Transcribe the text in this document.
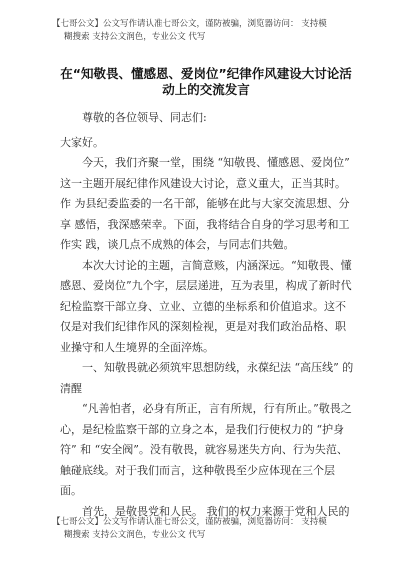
【七哥公文】公文写作请认准七哥公文，谨防被骗，浏览器访问： 支持模
糊搜索 支持公文润色，专业公文 代写
在“知敬畏、懂感恩、爱岗位”纪律作风建设大讨论活动上的交流发言

尊敬的各位领导、同志们:

大家好。

今天，我们齐聚一堂，围绕 “知敬畏、懂感恩、爱岗位” 这一主题开展纪律作风建设大讨论，意义重大，正当其时。作 为县纪委监委的一名干部，能够在此与大家交流思想、分享 感悟，我深感荣幸。下面，我将结合自身的学习思考和工作实 践，谈几点不成熟的体会，与同志们共勉。

本次大讨论的主题，言简意赅，内涵深远。“知敬畏、懂 感恩、爱岗位”九个字，层层递进，互为表里，构成了新时代 纪检监察干部立身、立业、立德的坐标系和价值追求。这不 仅是对我们纪律作风的深刻检视，更是对我们政治品格、职 业操守和人生境界的全面淬炼。

一、知敬畏就必须筑牢思想防线，永葆纪法 “高压线” 的清醒

“凡善怕者，必身有所正，言有所规，行有所止。”敬畏之心，是纪检监察干部的立身之本，是我们行使权力的 “护身符” 和 “安全阀”。没有敬畏，就容易迷失方向、行为失范、触碰底线。对于我们而言，这种敬畏至少应体现在三个层面。

首先，是敬畏党和人民。 我们的权力来源于党和人民的

【七哥公文】公文写作请认准七哥公文，谨防被骗，浏览器访问： 支持模
糊搜索 支持公文润色，专业公文 代写
